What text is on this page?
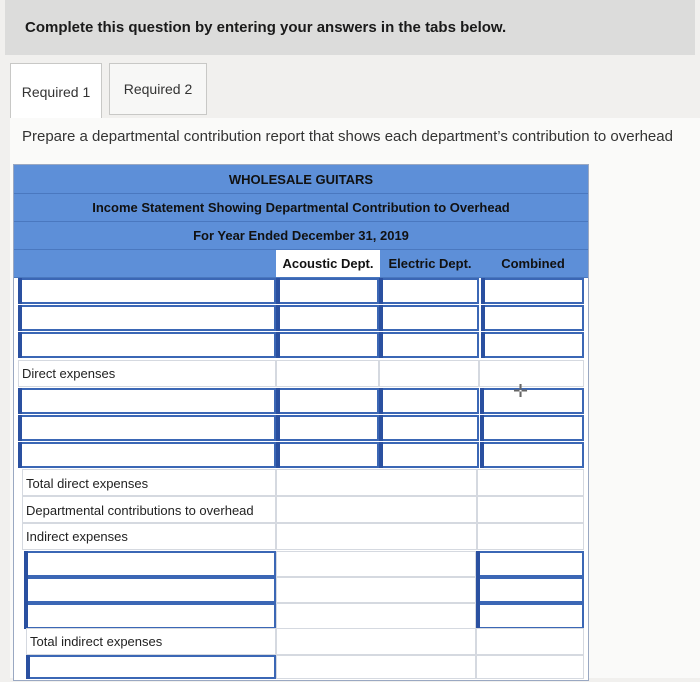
Complete this question by entering your answers in the tabs below.
Required 1 Required 2
Prepare a departmental contribution report that shows each department’s contribution to overhead
WHOLESALE GUITARS
Income Statement Showing Departmental Contribution to Overhead
For Year Ended December 31, 2019
Acoustic Dept.	Electric Dept.	Combined
Direct expenses
Total direct expenses
Departmental contributions to overhead
Indirect expenses
Total indirect expenses
✛
